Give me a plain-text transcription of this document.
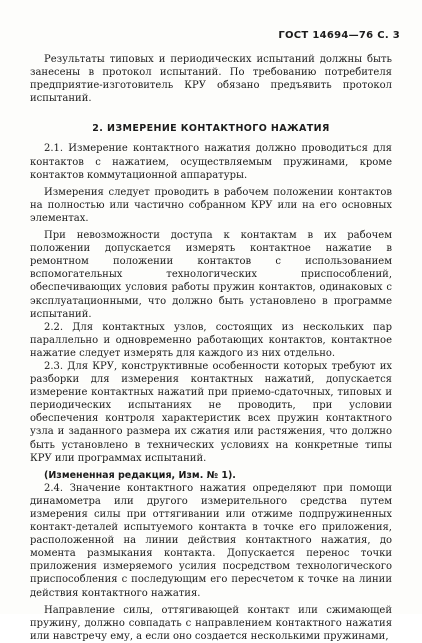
ГОСТ 14694—76 С. 3

Результаты типовых и периодических испытаний должны быть занесены в протокол испытаний. По требованию потребителя предприятие-изготовитель КРУ обязано предъявить протокол испытаний.

2. ИЗМЕРЕНИЕ КОНТАКТНОГО НАЖАТИЯ

2.1. Измерение контактного нажатия должно проводиться для контактов с нажатием, осуществляемым пружинами, кроме контактов коммутационной аппаратуры.

Измерения следует проводить в рабочем положении контактов на полностью или частично собранном КРУ или на его основных элементах.

При невозможности доступа к контактам в их рабочем положении допускается измерять контактное нажатие в ремонтном положении контактов с использованием вспомогательных технологических приспособлений, обеспечивающих условия работы пружин контактов, одинаковых с эксплуатационными, что должно быть установлено в программе испытаний.

2.2. Для контактных узлов, состоящих из нескольких пар параллельно и одновременно работающих контактов, контактное нажатие следует измерять для каждого из них отдельно.

2.3. Для КРУ, конструктивные особенности которых требуют их разборки для измерения контактных нажатий, допускается измерение контактных нажатий при приемо-сдаточных, типовых и периодических испытаниях не проводить, при условии обеспечения контроля характеристик всех пружин контактного узла и заданного размера их сжатия или растяжения, что должно быть установлено в технических условиях на конкретные типы КРУ или программах испытаний.

(Измененная редакция, Изм. № 1).

2.4. Значение контактного нажатия определяют при помощи динамометра или другого измерительного средства путем измерения силы при оттягивании или отжиме подпружиненных контакт-деталей испытуемого контакта в точке его приложения, расположенной на линии действия контактного нажатия, до момента размыкания контакта. Допускается перенос точки приложения измеряемого усилия посредством технологического приспособления с последующим его пересчетом к точке на линии действия контактного нажатия.

Направление силы, оттягивающей контакт или сжимающей пружину, должно совпадать с направлением контактного нажатия или навстречу ему, а если оно создается несколькими пружинами,
